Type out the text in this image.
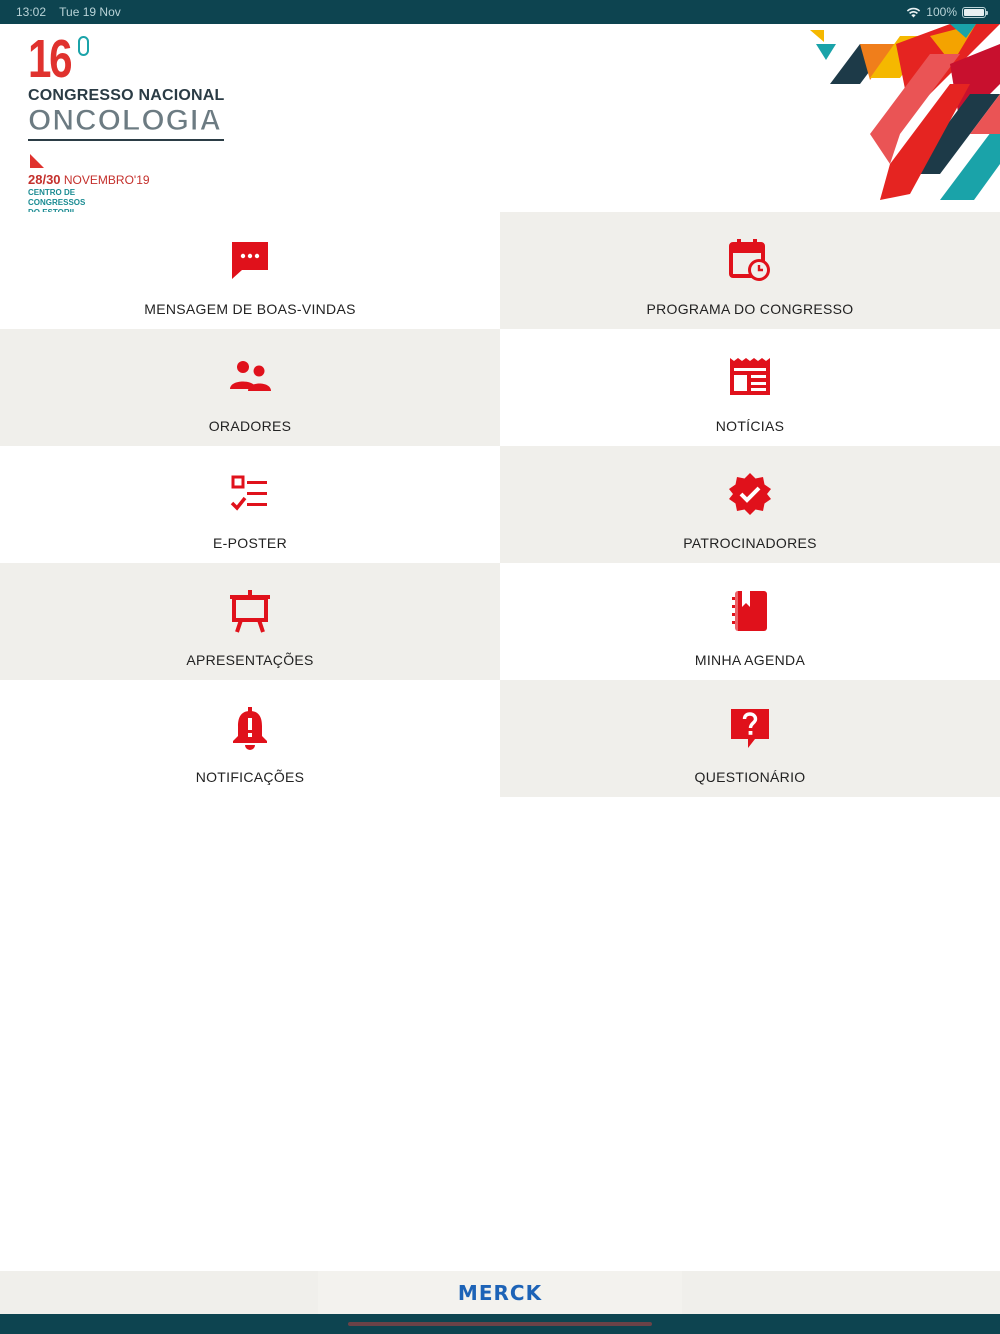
13:02 Tue 19 Nov	100%
16
CONGRESSO NACIONAL
ONCOLOGIA
28/30 NOVEMBRO'19
CENTRO DE CONGRESSOS
MENSAGEM DE BOAS-VINDAS	PROGRAMA DO CONGRESSO
ORADORES	NOTÍCIAS
E-POSTER	PATROCINADORES
APRESENTAÇÕES	MINHA AGENDA
NOTIFICAÇÕES	QUESTIONÁRIO
MERCK
